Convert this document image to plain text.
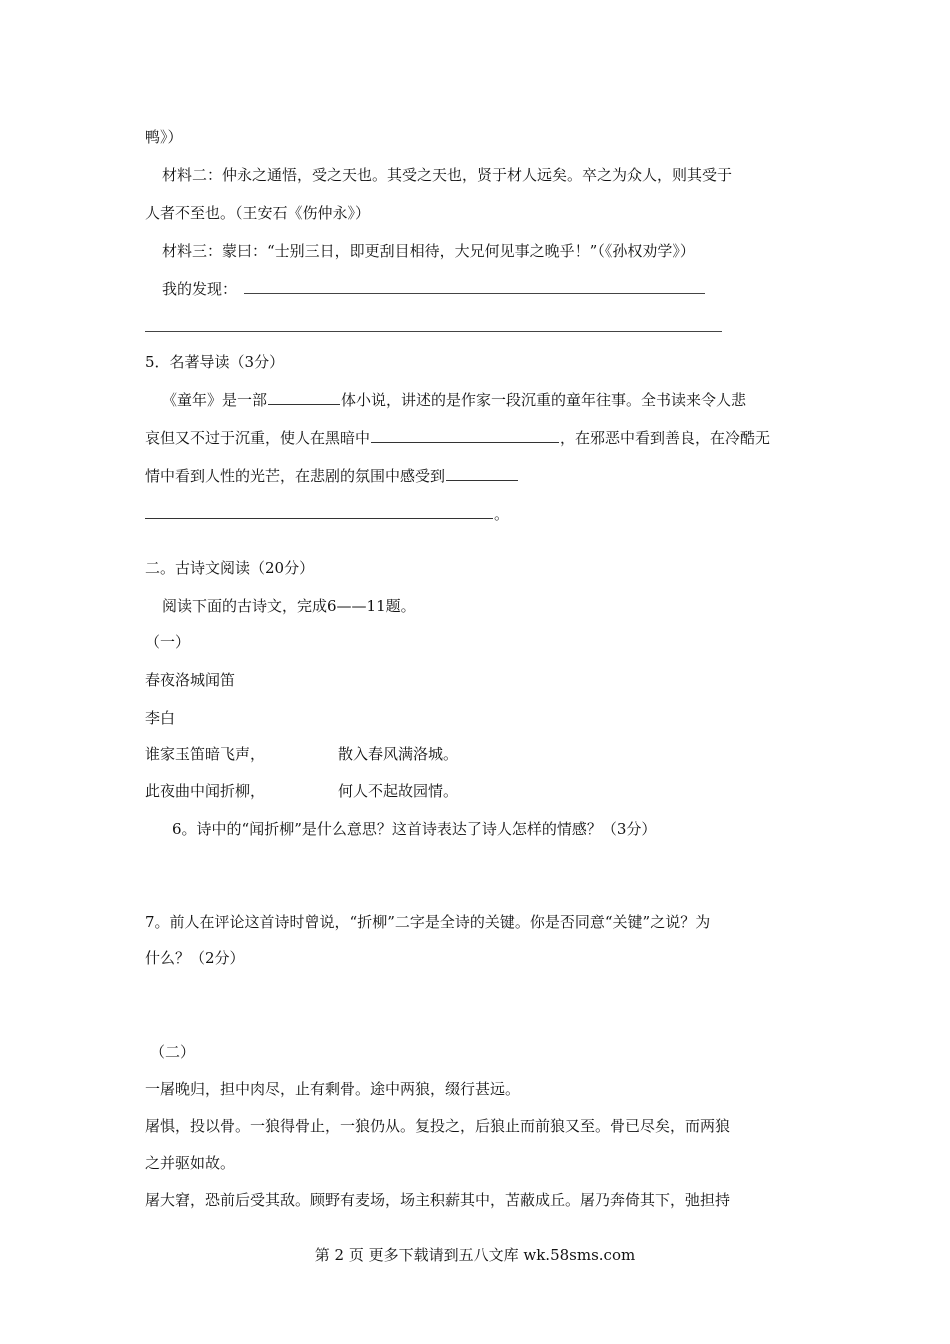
鸭》）
材料二：仲永之通悟，受之天也。其受之天也，贤于材人远矣。卒之为众人，则其受于
人者不至也。（王安石《伤仲永》）
材料三：蒙曰：“士别三日，即更刮目相待，大兄何见事之晚乎！”（《孙权劝学》）
我的发现：
5．名著导读（3分）
《童年》是一部	体小说，讲述的是作家一段沉重的童年往事。全书读来令人悲
哀但又不过于沉重，使人在黑暗中	，在邪恶中看到善良，在冷酷无
情中看到人性的光芒，在悲剧的氛围中感受到
。
二。古诗文阅读（20分）
阅读下面的古诗文，完成6——11题。
（一）
春夜洛城闻笛
李白
谁家玉笛暗飞声，	散入春风满洛城。
此夜曲中闻折柳，	何人不起故园情。
6。诗中的“闻折柳”是什么意思？这首诗表达了诗人怎样的情感？（3分）
7。前人在评论这首诗时曾说，“折柳”二字是全诗的关键。你是否同意“关键”之说？为
什么？（2分）
（二）
一屠晚归，担中肉尽，止有剩骨。途中两狼，缀行甚远。
屠惧，投以骨。一狼得骨止，一狼仍从。复投之，后狼止而前狼又至。骨已尽矣，而两狼
之并驱如故。
屠大窘，恐前后受其敌。顾野有麦场，场主积薪其中，苫蔽成丘。屠乃奔倚其下，弛担持
第 2 页 更多下载请到五八文库 wk.58sms.com
